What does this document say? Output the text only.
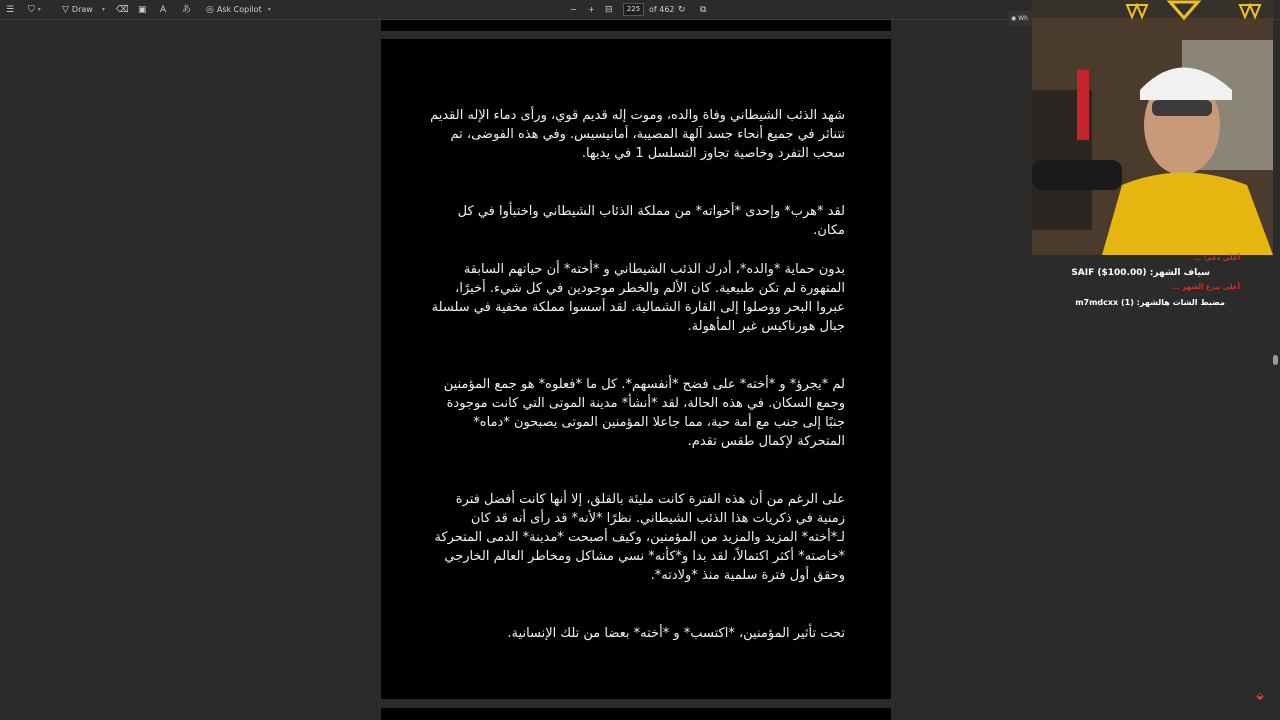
☰ ⛉ ▾ ▽ Draw ▾ ⌫ ▣ A あ ◎ Ask Copilot ▾	− + ⊟	225	of 462 ↻ ⧉
شهد الذئب الشيطاني وفاة والده، وموت إله قديم قوي، ورأى دماء الإله القديم تتناثر في جميع أنحاء جسد آلهة المصيبة، أمانيسيس. وفي هذه الفوضى، تم سحب التفرد وخاصية تجاوز التسلسل 1 في يديها.
لقد *هرب* وإحدى *أخواته* من مملكة الذئاب الشيطاني واختبأوا في كل مكان.
بدون حماية *والده*، أدرك الذئب الشيطاني و *أخته* أن حياتهم السابقة المتهورة لم تكن طبيعية. كان الألم والخطر موجودين في كل شيء. أخيرًا، عبروا البحر ووصلوا إلى القارة الشمالية. لقد أسسوا مملكة مخفية في سلسلة جبال هورناكيس غير المأهولة.
لم *يجرؤ* و *أخته* على فضح *أنفسهم*. كل ما *فعلوه* هو جمع المؤمنين وجمع السكان. في هذه الحالة، لقد *أنشأ* مدينة الموتى التي كانت موجودة جنبًا إلى جنب مع أمة حية، مما جاعلا المؤمنين الموتى يصبحون *دماه* المتحركة لإكمال طقس تقدم.
على الرغم من أن هذه الفترة كانت مليئة بالقلق، إلا أنها كانت أفضل فترة زمنية في ذكريات هذا الذئب الشيطاني. نظرًا *لأنه* قد رأى أنه قد كان لـ*أخته* المزيد والمزيد من المؤمنين، وكيف أصبحت *مدينة* الدمى المتحركة *خاصته* أكثر اكتمالاً، لقد بدا و*كأنه* نسي مشاكل ومخاطر العالم الخارجي وحقق أول فترة سلمية منذ *ولادته*.
تحت تأثير المؤمنين، *اكتسب* و *أخته* بعضا من تلك الإنسانية.
⬙
◉ Wh
أعلى دعم: ...
سياف الشهر: SAIF ($100.00)
أعلى تبرع الشهر ...
مضبط الشات هالشهر: m7mdcxx (1)
